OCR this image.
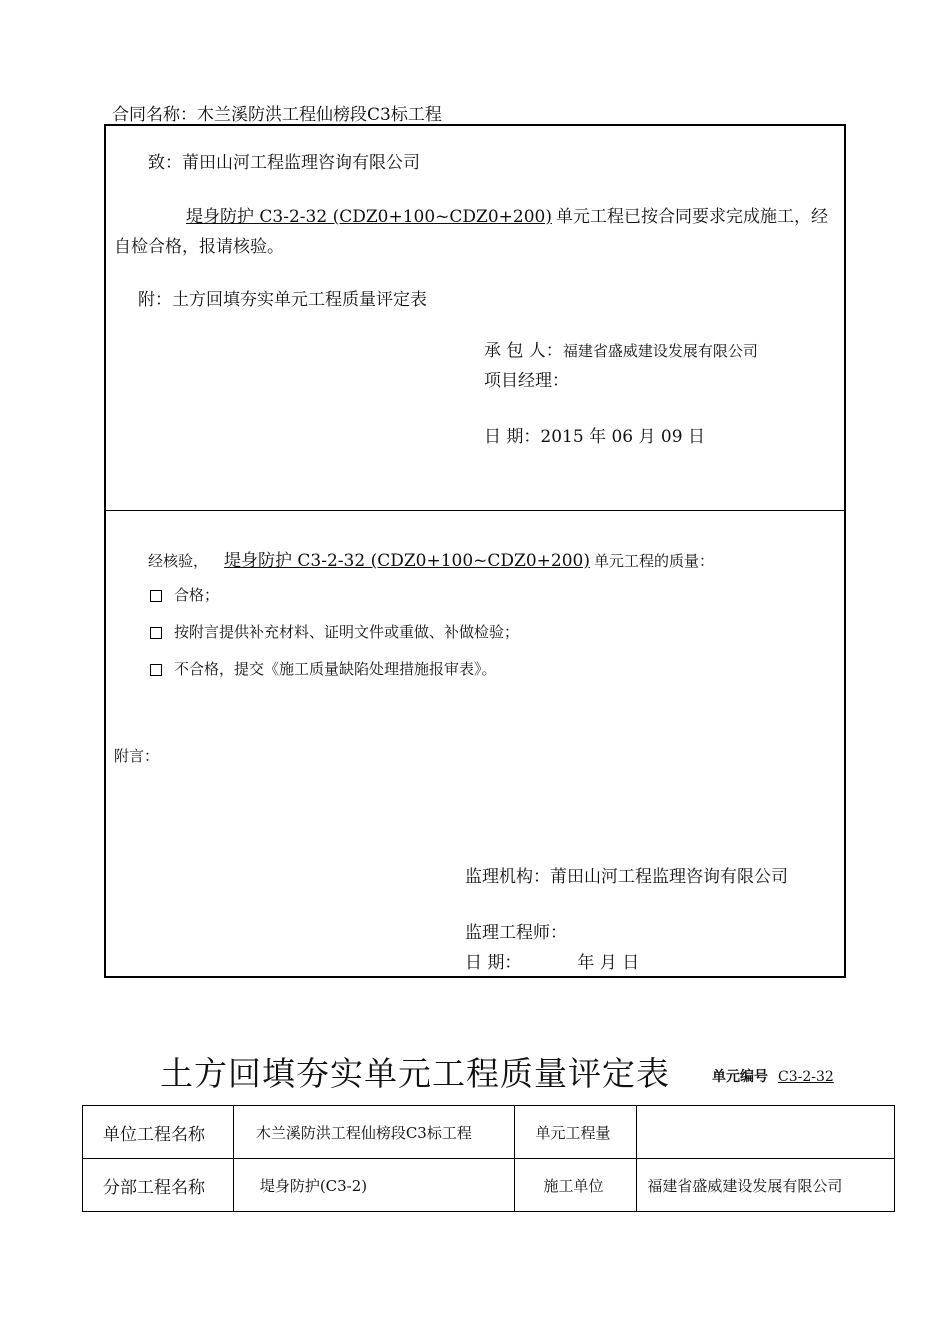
合同名称：木兰溪防洪工程仙榜段C3标工程
致：莆田山河工程监理咨询有限公司
堤身防护 C3-2-32 (CDZ0+100~CDZ0+200) 单元工程已按合同要求完成施工，经
自检合格，报请核验。
附：土方回填夯实单元工程质量评定表
承 包 人：福建省盛威建设发展有限公司
项目经理：
日 期：2015 年 06 月 09 日
经核验， 堤身防护 C3-2-32 (CDZ0+100~CDZ0+200) 单元工程的质量：
合格；
按附言提供补充材料、证明文件或重做、补做检验；
不合格，提交《施工质量缺陷处理措施报审表》。
附言：
监理机构：莆田山河工程监理咨询有限公司
监理工程师：
日 期：	年 月 日
土方回填夯实单元工程质量评定表	单元编号 C3-2-32
单位工程名称	木兰溪防洪工程仙榜段C3标工程	单元工程量	
分部工程名称	堤身防护(C3-2)	施工单位	福建省盛威建设发展有限公司
